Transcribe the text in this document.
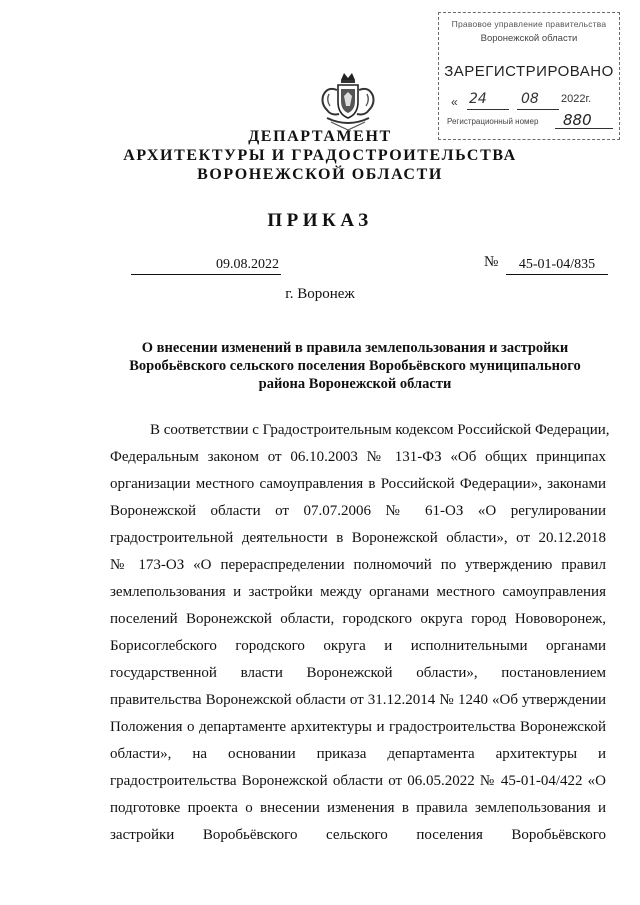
Правовое управление правительства
Воронежской области
ЗАРЕГИСТРИРОВАНО
« 24 08 2022г.
Регистрационный номер 880
ДЕПАРТАМЕНТ
АРХИТЕКТУРЫ И ГРАДОСТРОИТЕЛЬСТВА
ВОРОНЕЖСКОЙ ОБЛАСТИ
ПРИКАЗ
09.08.2022	№	45-01-04/835
г. Воронеж
О внесении изменений в правила землепользования и застройки
Воробьёвского сельского поселения Воробьёвского муниципального
района Воронежской области
В соответствии с Градостроительным кодексом Российской Федерации,
Федеральным законом от 06.10.2003 № 131-ФЗ «Об общих принципах
организации местного самоуправления в Российской Федерации», законами
Воронежской области от 07.07.2006 № 61-ОЗ «О регулировании
градостроительной деятельности в Воронежской области», от 20.12.2018
№ 173-ОЗ «О перераспределении полномочий по утверждению правил
землепользования и застройки между органами местного самоуправления
поселений Воронежской области, городского округа город Нововоронеж,
Борисоглебского городского округа и исполнительными органами
государственной власти Воронежской области», постановлением
правительства Воронежской области от 31.12.2014 № 1240 «Об утверждении
Положения о департаменте архитектуры и градостроительства Воронежской
области», на основании приказа департамента архитектуры и
градостроительства Воронежской области от 06.05.2022 № 45-01-04/422 «О
подготовке проекта о внесении изменения в правила землепользования и
застройки Воробьёвского сельского поселения Воробьёвского
